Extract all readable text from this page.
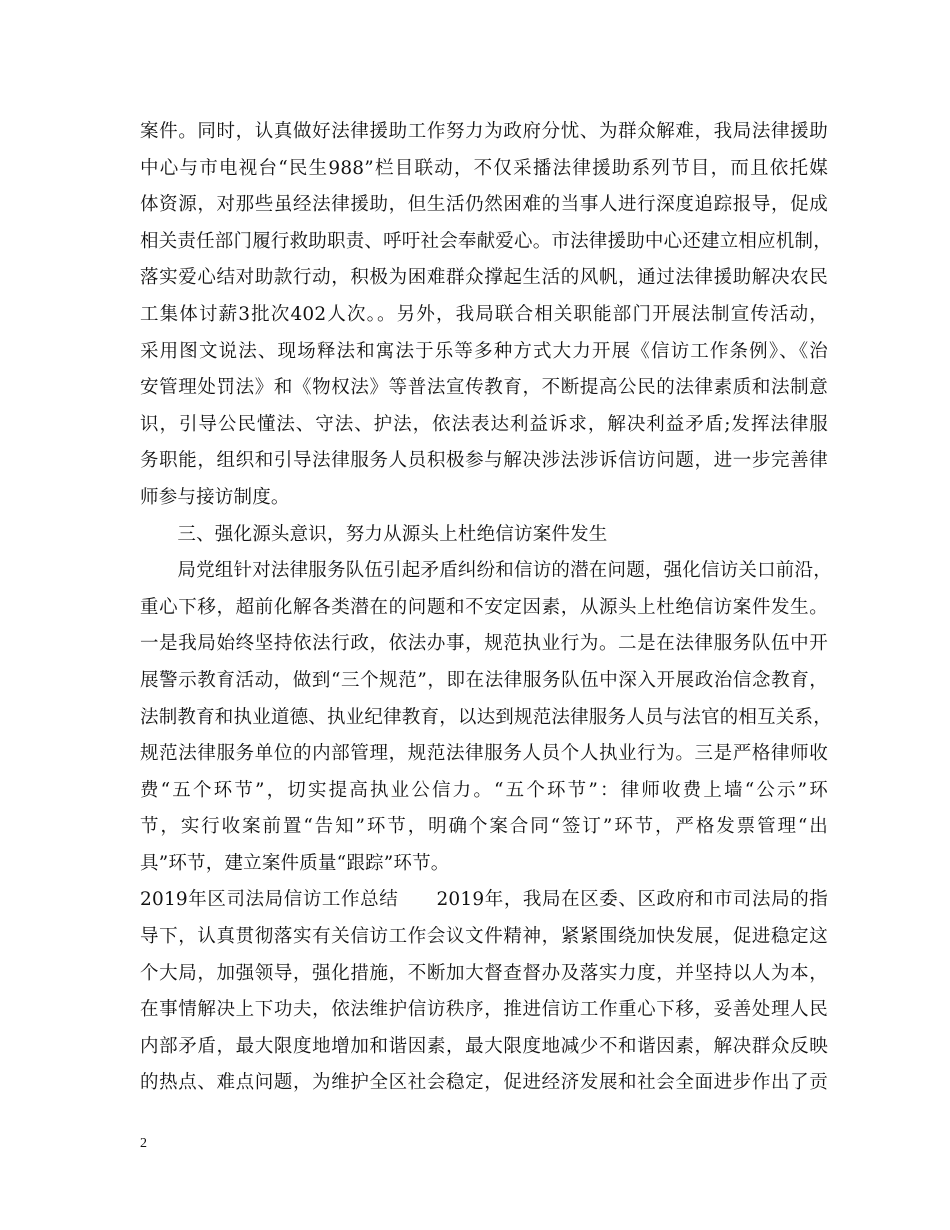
案件。同时，认真做好法律援助工作努力为政府分忧、为群众解难，我局法律援助
中心与市电视台“民生988”栏目联动，不仅采播法律援助系列节目，而且依托媒
体资源，对那些虽经法律援助，但生活仍然困难的当事人进行深度追踪报导，促成
相关责任部门履行救助职责、呼吁社会奉献爱心。市法律援助中心还建立相应机制，
落实爱心结对助款行动，积极为困难群众撑起生活的风帆，通过法律援助解决农民
工集体讨薪3批次402人次。。另外，我局联合相关职能部门开展法制宣传活动，
采用图文说法、现场释法和寓法于乐等多种方式大力开展《信访工作条例》、《治
安管理处罚法》和《物权法》等普法宣传教育，不断提高公民的法律素质和法制意
识，引导公民懂法、守法、护法，依法表达利益诉求，解决利益矛盾;发挥法律服
务职能，组织和引导法律服务人员积极参与解决涉法涉诉信访问题，进一步完善律
师参与接访制度。
　　三、强化源头意识，努力从源头上杜绝信访案件发生
　　局党组针对法律服务队伍引起矛盾纠纷和信访的潜在问题，强化信访关口前沿，
重心下移，超前化解各类潜在的问题和不安定因素，从源头上杜绝信访案件发生。
一是我局始终坚持依法行政，依法办事，规范执业行为。二是在法律服务队伍中开
展警示教育活动，做到“三个规范”，即在法律服务队伍中深入开展政治信念教育，
法制教育和执业道德、执业纪律教育，以达到规范法律服务人员与法官的相互关系，
规范法律服务单位的内部管理，规范法律服务人员个人执业行为。三是严格律师收
费“五个环节”，切实提高执业公信力。“五个环节”：律师收费上墙“公示”环
节，实行收案前置“告知”环节，明确个案合同“签订”环节，严格发票管理“出
具”环节，建立案件质量“跟踪”环节。
2019年区司法局信访工作总结　　2019年，我局在区委、区政府和市司法局的指
导下，认真贯彻落实有关信访工作会议文件精神，紧紧围绕加快发展，促进稳定这
个大局，加强领导，强化措施，不断加大督查督办及落实力度，并坚持以人为本，
在事情解决上下功夫，依法维护信访秩序，推进信访工作重心下移，妥善处理人民
内部矛盾，最大限度地增加和谐因素，最大限度地减少不和谐因素，解决群众反映
的热点、难点问题，为维护全区社会稳定，促进经济发展和社会全面进步作出了贡
2
